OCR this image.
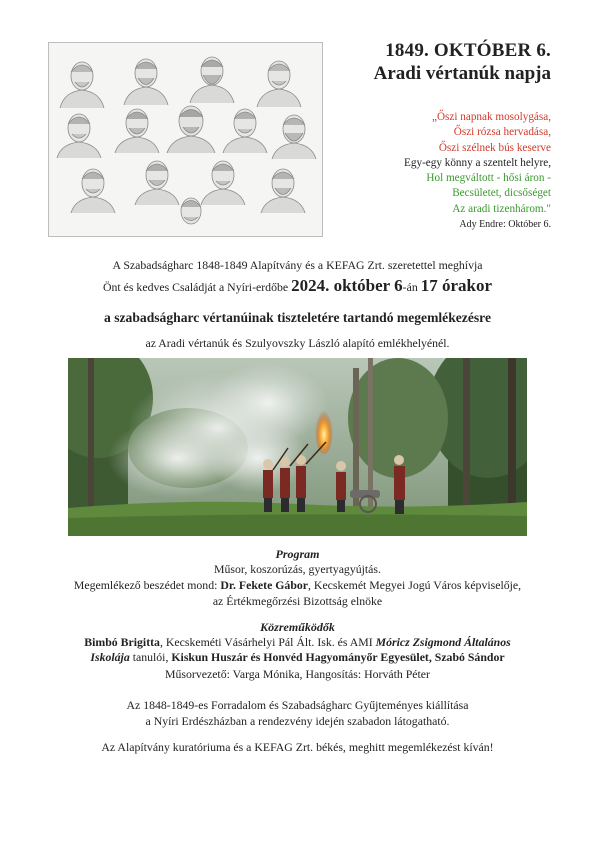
1849. OKTÓBER 6.
Aradi vértanúk napja
„Őszi napnak mosolygása,
Őszi rózsa hervadása,
Őszi szélnek bús keserve
Egy-egy könny a szentelt helyre,
Hol megváltott - hősi áron -
Becsületet, dicsőséget
Az aradi tizenhárom."
Ady Endre: Október 6.
A Szabadságharc 1848-1849 Alapítvány és a KEFAG Zrt. szeretettel meghívja
Önt és kedves Családját a Nyíri-erdőbe 2024. október 6-án 17 órakor
a szabadságharc vértanúinak tiszteletére tartandó megemlékezésre
az Aradi vértanúk és Szulyovszky László alapító emlékhelyénél.
Program
Műsor, koszorúzás, gyertyagyújtás.
Megemlékező beszédet mond: Dr. Fekete Gábor, Kecskemét Megyei Jogú Város képviselője,
az Értékmegőrzési Bizottság elnöke
Közreműködők
Bimbó Brigitta, Kecskeméti Vásárhelyi Pál Ált. Isk. és AMI Móricz Zsigmond Általános
Iskolája tanulói, Kiskun Huszár és Honvéd Hagyományőr Egyesület, Szabó Sándor
Műsorvezető: Varga Mónika, Hangosítás: Horváth Péter
Az 1848-1849-es Forradalom és Szabadságharc Gyűjteményes kiállítása
a Nyíri Erdészházban a rendezvény idején szabadon látogatható.
Az Alapítvány kuratóriuma és a KEFAG Zrt. békés, meghitt megemlékezést kíván!
